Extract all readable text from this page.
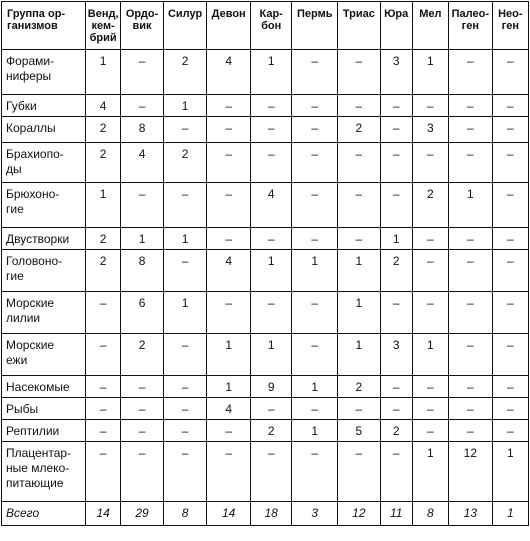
Группа ор-
ганизмов	Венд,
кем-
брий	Ордо-
вик	Силур	Девон	Кар-
бон	Пермь	Триас	Юра	Мел	Палео-
ген	Нео-
ген
Форами-
ниферы	1	–	2	4	1	–	–	3	1	–	–
Губки	4	–	1	–	–	–	–	–	–	–	–
Кораллы	2	8	–	–	–	–	2	–	3	–	–
Брахиопо-
ды	2	4	2	–	–	–	–	–	–	–	–
Брюхоно-
гие	1	–	–	–	4	–	–	–	2	1	–
Двустворки	2	1	1	–	–	–	–	1	–	–	–
Головоно-
гие	2	8	–	4	1	1	1	2	–	–	–
Морские
лилии	–	6	1	–	–	–	1	–	–	–	–
Морские
ежи	–	2	–	1	1	–	1	3	1	–	–
Насекомые	–	–	–	1	9	1	2	–	–	–	–
Рыбы	–	–	–	4	–	–	–	–	–	–	–
Рептилии	–	–	–	–	2	1	5	2	–	–	–
Плацентар-
ные млеко-
питающие	–	–	–	–	–	–	–	–	1	12	1
Всего	14	29	8	14	18	3	12	11	8	13	1
